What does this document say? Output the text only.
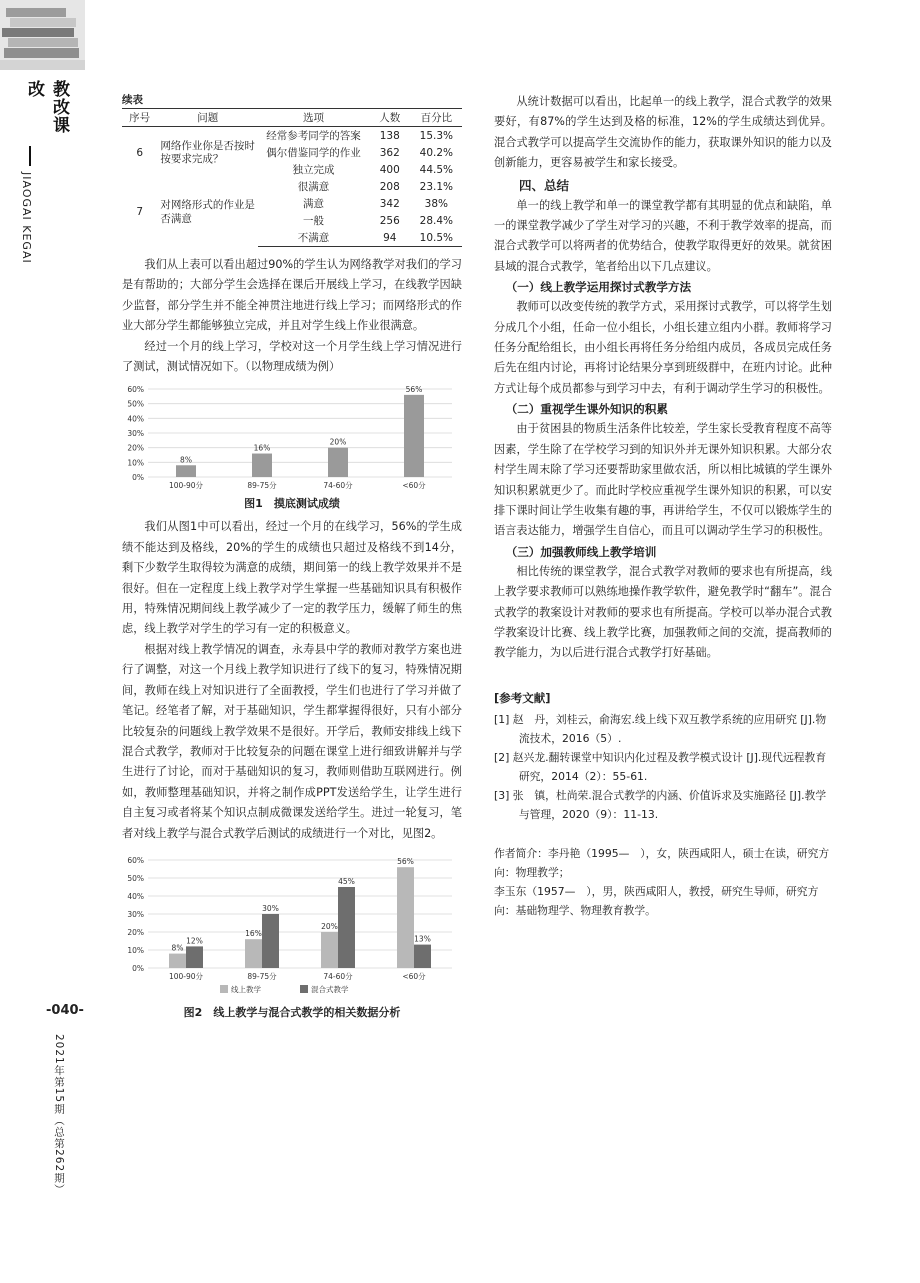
教改课改
JIAOGAI KEGAI
-040-
2021年第15期（总第262期）
续表
序号	问题	选项	人数	百分比
6	网络作业你是否按时按要求完成？	经常参考同学的答案	138	15.3%
		偶尔借鉴同学的作业	362	40.2%
		独立完成	400	44.5%
7	对网络形式的作业是否满意	很满意	208	23.1%
		满意	342	38%
		一般	256	28.4%
		不满意	94	10.5%

我们从上表可以看出超过90%的学生认为网络教学对我们的学习是有帮助的；大部分学生会选择在课后开展线上学习，在线教学因缺少监督，部分学生并不能全神贯注地进行线上学习；而网络形式的作业大部分学生都能够独立完成，并且对学生线上作业很满意。

经过一个月的线上学习，学校对这一个月学生线上学习情况进行了测试，测试情况如下。（以物理成绩为例）

0%
10%
20%
30%
40%
50%
60%
100-90分	89-75分	74-60分	<60分
8%
16%
20%
56%
图1　摸底测试成绩

我们从图1中可以看出，经过一个月的在线学习，56%的学生成绩不能达到及格线，20%的学生的成绩也只超过及格线不到14分，剩下少数学生取得较为满意的成绩，期间第一的线上教学效果并不是很好。但在一定程度上线上教学对学生掌握一些基础知识具有积极作用，特殊情况期间线上教学减少了一定的教学压力，缓解了师生的焦虑，线上教学对学生的学习有一定的积极意义。

根据对线上教学情况的调查，永寿县中学的教师对教学方案也进行了调整，对这一个月线上教学知识进行了线下的复习，特殊情况期间，教师在线上对知识进行了全面教授，学生们也进行了学习并做了笔记。经笔者了解，对于基础知识，学生都掌握得很好，只有小部分比较复杂的问题线上教学效果不是很好。开学后，教师安排线上线下混合式教学，教师对于比较复杂的问题在课堂上进行细致讲解并与学生进行了讨论，而对于基础知识的复习，教师则借助互联网进行。例如，教师整理基础知识，并将之制作成PPT发送给学生，让学生进行自主复习或者将某个知识点制成微课发送给学生。进过一轮复习，笔者对线上教学与混合式教学后测试的成绩进行一个对比，见图2。

0%
10%
20%
30%
40%
50%
60%
100-90分	89-75分	74-60分	<60分
8%
16%
20%
56%
12%
30%
45%
13%
线上教学	混合式教学
图2　线上教学与混合式教学的相关数据分析

从统计数据可以看出，比起单一的线上教学，混合式教学的效果要好，有87%的学生达到及格的标准，12%的学生成绩达到优异。混合式教学可以提高学生交流协作的能力，获取课外知识的能力以及创新能力，更容易被学生和家长接受。

四、总结

单一的线上教学和单一的课堂教学都有其明显的优点和缺陷，单一的课堂教学减少了学生对学习的兴趣，不利于教学效率的提高，而混合式教学可以将两者的优势结合，使教学取得更好的效果。就贫困县域的混合式教学，笔者给出以下几点建议。

（一）线上教学运用探讨式教学方法

教师可以改变传统的教学方式，采用探讨式教学，可以将学生划分成几个小组，任命一位小组长，小组长建立组内小群。教师将学习任务分配给组长，由小组长再将任务分给组内成员，各成员完成任务后先在组内讨论，再将讨论结果分享到班级群中，在班内讨论。此种方式让每个成员都参与到学习中去，有利于调动学生学习的积极性。

（二）重视学生课外知识的积累

由于贫困县的物质生活条件比较差，学生家长受教育程度不高等因素，学生除了在学校学习到的知识外并无课外知识积累。大部分农村学生周末除了学习还要帮助家里做农活，所以相比城镇的学生课外知识积累就更少了。而此时学校应重视学生课外知识的积累，可以安排下课时间让学生收集有趣的事，再讲给学生，不仅可以锻炼学生的语言表达能力，增强学生自信心，而且可以调动学生学习的积极性。

（三）加强教师线上教学培训

相比传统的课堂教学，混合式教学对教师的要求也有所提高，线上教学要求教师可以熟练地操作教学软件，避免教学时“翻车”。混合式教学的教案设计对教师的要求也有所提高。学校可以举办混合式教学教案设计比赛、线上教学比赛，加强教师之间的交流，提高教师的教学能力，为以后进行混合式教学打好基础。

[参考文献]

[1] 赵　丹，刘桂云，俞海宏.线上线下双互教学系统的应用研究 [J].物流技术，2016（5）.

[2] 赵兴龙.翻转课堂中知识内化过程及教学模式设计 [J].现代远程教育研究，2014（2）：55-61.

[3] 张　镇，杜尚荣.混合式教学的内涵、价值诉求及实施路径 [J].教学与管理，2020（9）：11-13.

作者简介：李丹艳（1995—　），女，陕西咸阳人，硕士在读，研究方向：物理教学；

李玉东（1957—　），男，陕西咸阳人，教授，研究生导师，研究方向：基础物理学、物理教育教学。
